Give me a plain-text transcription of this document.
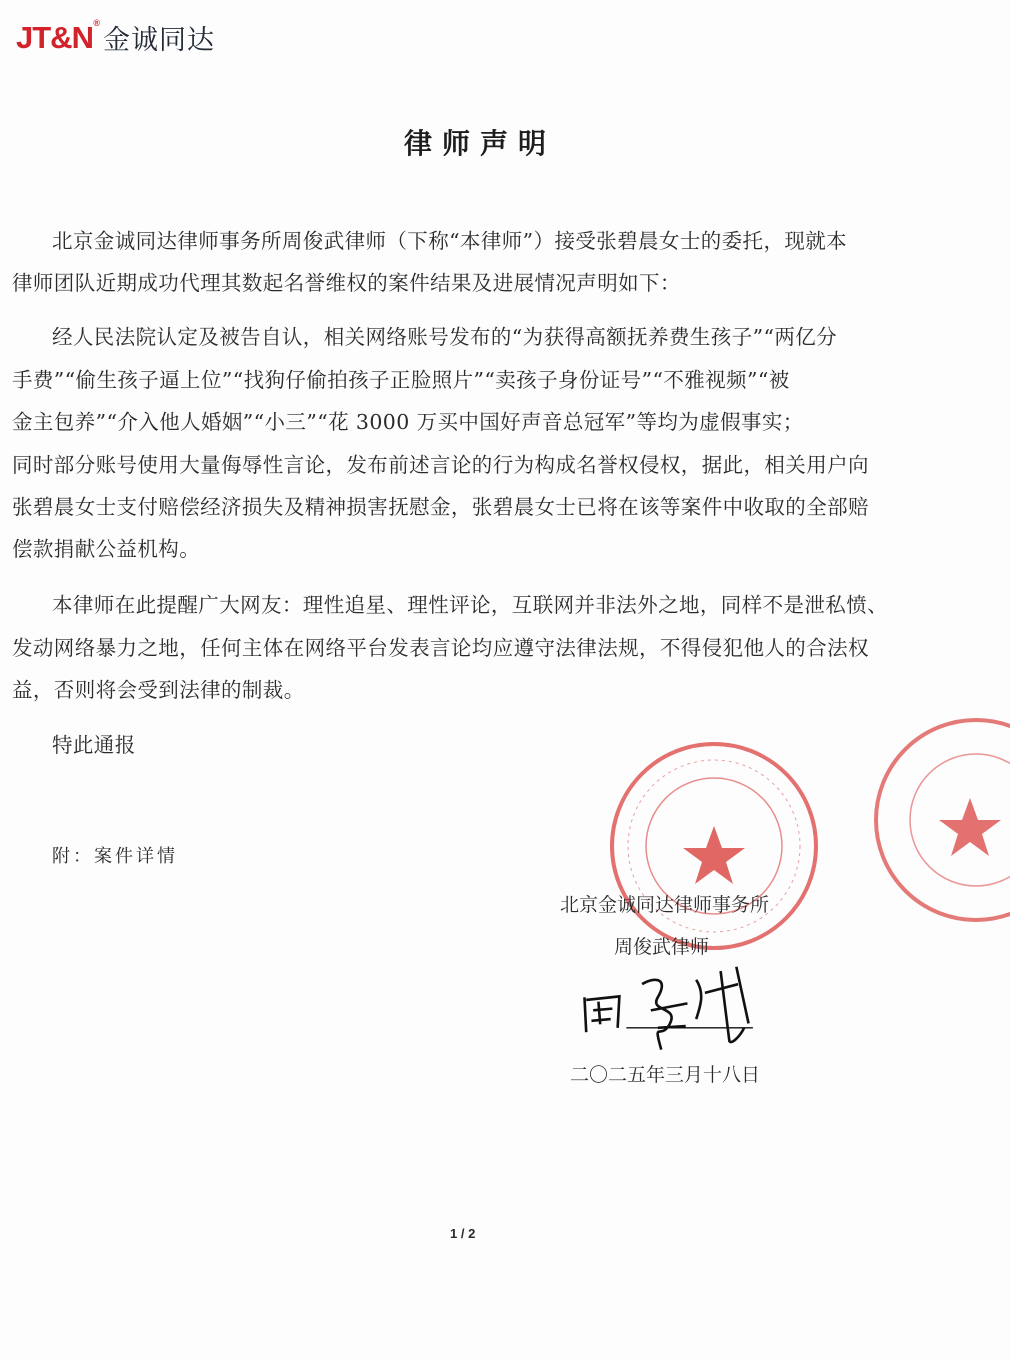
JT&N ®
金诚同达
律师声明
北京金诚同达律师事务所周俊武律师（下称“本律师”）接受张碧晨女士的委托，现就本
律师团队近期成功代理其数起名誉维权的案件结果及进展情况声明如下：
经人民法院认定及被告自认，相关网络账号发布的“为获得高额抚养费生孩子”“两亿分
手费”“偷生孩子逼上位”“找狗仔偷拍孩子正脸照片”“卖孩子身份证号”“不雅视频”“被
金主包养”“介入他人婚姻”“小三”“花 3000 万买中国好声音总冠军”等均为虚假事实；
同时部分账号使用大量侮辱性言论，发布前述言论的行为构成名誉权侵权，据此，相关用户向
张碧晨女士支付赔偿经济损失及精神损害抚慰金，张碧晨女士已将在该等案件中收取的全部赔
偿款捐献公益机构。
本律师在此提醒广大网友：理性追星、理性评论，互联网并非法外之地，同样不是泄私愤、
发动网络暴力之地，任何主体在网络平台发表言论均应遵守法律法规，不得侵犯他人的合法权
益，否则将会受到法律的制裁。
特此通报
附：案件详情
北京金诚同达律师事务所
周俊武律师
二〇二五年三月十八日
1 / 2
